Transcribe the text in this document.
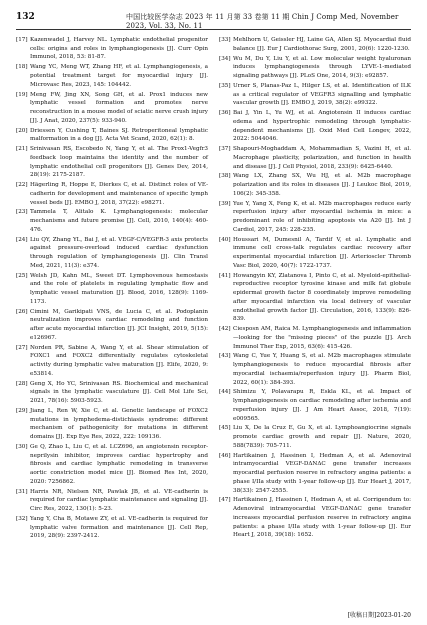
132	中国比较医学杂志 2023 年 11 月第 33 卷第 11 期 Chin J Comp Med, November 2023, Vol. 33, No. 11
[17] Kazenwadel J, Harvey NL. Lymphatic endothelial progenitor cells: origins and roles in lymphangiogenesis [J]. Curr Opin Immunol, 2018, 53: 81-87.
[18] Wang YC, Meng WT, Zhang HF, et al. Lymphangiogenesis, a potential treatment target for myocardial injury [J]. Microvasc Res, 2023, 145: 104442.
[19] Meng FW, Jing XN, Song GH, et al. Prox1 induces new lymphatic vessel formation and promotes nerve reconstruction in a mouse model of sciatic nerve crush injury [J]. J Anat, 2020, 237(5): 933-940.
[20] Driessen Y, Cushing T, Baines SJ. Retroperitoneal lymphatic malformation in a dog [J]. Acta Vet Scand, 2020, 62(1): 8.
[21] Srinivasan RS, Escobedo N, Yang Y, et al. The Prox1-Vegfr3 feedback loop maintains the identity and the number of lymphatic endothelial cell progenitors [J]. Genes Dev, 2014, 28(19): 2175-2187.
[22] Hägerling R, Hoppe E, Dierkes C, et al. Distinct roles of VE-cadherin for development and maintenance of specific lymph vessel beds [J]. EMBO J, 2018, 37(22): e98271.
[23] Tammela T, Alitalo K. Lymphangiogenesis: molecular mechanisms and future promise [J]. Cell, 2010, 140(4): 460-476.
[24] Liu QY, Zhang YL, Bai J, et al. VEGF-C/VEGFR-3 axis protects against pressure-overload induced cardiac dysfunction through regulation of lymphangiogenesis [J]. Clin Transl Med, 2021, 11(3): e374.
[25] Welsh JD, Kahn ML, Sweet DT. Lymphovenous hemostasis and the role of platelets in regulating lymphatic flow and lymphatic vessel maturation [J]. Blood, 2016, 128(9): 1169-1173.
[26] Cimini M, Garikipati VNS, de Lucia C, et al. Podoplanin neutralization improves cardiac remodeling and function after acute myocardial infarction [J]. JCI Insight, 2019, 5(15): e126967.
[27] Norden PR, Sabine A, Wang Y, et al. Shear stimulation of FOXC1 and FOXC2 differentially regulates cytoskeletal activity during lymphatic valve maturation [J]. Elife, 2020, 9: e53814.
[28] Geng X, Ho YC, Srinivasan RS. Biochemical and mechanical signals in the lymphatic vasculature [J]. Cell Mol Life Sci, 2021, 78(16): 5903-5923.
[29] Jiang L, Ren W, Xie C, et al. Genetic landscape of FOXC2 mutations in lymphedema-distichiasis syndrome: different mechanism of pathogenicity for mutations in different domains [J]. Exp Eye Res, 2022, 222: 109136.
[30] Ge Q, Zhao L, Liu C, et al. LCZ696, an angiotensin receptor-neprilysin inhibitor, improves cardiac hypertrophy and fibrosis and cardiac lymphatic remodeling in transverse aortic constriction model mice [J]. Biomed Res Int, 2020, 2020: 7256862.
[31] Harris NR, Nielsen NR, Pawlak JB, et al. VE-cadherin is required for cardiac lymphatic maintenance and signaling [J]. Circ Res, 2022, 130(1): 5-23.
[32] Yang Y, Cha B, Motawe ZY, et al. VE-cadherin is required for lymphatic valve formation and maintenance [J]. Cell Rep, 2019, 28(9): 2397-2412.
[33] Mehlhorn U, Geissler HJ, Laine GA, Allen SJ. Myocardial fluid balance [J]. Eur J Cardiothorac Surg, 2001, 20(6): 1220-1230.
[34] Wu M, Du Y, Liu Y, et al. Low molecular weight hyaluronan induces lymphangiogenesis through LYVE-1-mediated signaling pathways [J]. PLoS One, 2014, 9(3): e92857.
[35] Urner S, Planas-Paz L, Hilger LS, et al. Identification of ILK as a critical regulator of VEGFR3 signalling and lymphatic vascular growth [J]. EMBO J, 2019, 38(2): e99322.
[36] Bai J, Yin L, Yu WJ, et al. Angiotensin II induces cardiac edema and hypertrophic remodeling through lymphatic-dependent mechanisms [J]. Oxid Med Cell Longev, 2022, 2022: 5044046.
[37] Shapouri-Moghaddam A, Mohammadian S, Vazini H, et al. Macrophage plasticity, polarization, and function in health and disease [J]. J Cell Physiol, 2018, 233(9): 6425-6440.
[38] Wang LX, Zhang SX, Wu HJ, et al. M2b macrophage polarization and its roles in diseases [J]. J Leukoc Biol, 2019, 106(2): 345-358.
[39] Yue Y, Yang X, Feng K, et al. M2b macrophages reduce early reperfusion injury after myocardial ischemia in mice: a predominant role of inhibiting apoptosis via A20 [J]. Int J Cardiol, 2017, 245: 228-235.
[40] Houssari M, Dumesnil A, Tardif V, et al. Lymphatic and immune cell cross-talk regulates cardiac recovery after experimental myocardial infarction [J]. Arterioscler Thromb Vasc Biol, 2020, 40(7): 1722-1737.
[41] Howangyin KY, Zlatanova I, Pinto C, et al. Myeloid-epithelial-reproductive receptor tyrosine kinase and milk fat globule epidermal growth factor 8 coordinately improve remodeling after myocardial infarction via local delivery of vascular endothelial growth factor [J]. Circulation, 2016, 133(9): 826-839.
[42] Ciesposn AM, Raica M. Lymphangiogenesis and inflammation—looking for the "missing pieces" of the puzzle [J]. Arch Immunol Ther Exp, 2015, 63(6): 415-426.
[43] Wang C, Yue Y, Huang S, et al. M2b macrophages stimulate lymphangiogenesis to reduce myocardial fibrosis after myocardial ischaemia/reperfusion injury [J]. Pharm Biol, 2022, 60(1): 384-393.
[44] Shimizu Y, Polavarapu R, Eskla KL, et al. Impact of lymphangiogenesis on cardiac remodeling after ischemia and reperfusion injury [J]. J Am Heart Assoc, 2018, 7(19): e009565.
[45] Liu X, De la Cruz E, Gu X, et al. Lymphoangiocrine signals promote cardiac growth and repair [J]. Nature, 2020, 588(7839): 705-711.
[46] Hartikainen J, Hassinen I, Hedman A, et al. Adenoviral intramyocardial VEGF-DΔNΔC gene transfer increases myocardial perfusion reserve in refractory angina patients: a phase I/IIa study with 1-year follow-up [J]. Eur Heart J, 2017, 38(33): 2547-2555.
[47] Hartikainen J, Hassinen I, Hedman A, et al. Corrigendum to: Adenoviral intramyocardial VEGF-DΔNΔC gene transfer increases myocardial perfusion reserve in refractory angina patients: a phase I/IIa study with 1-year follow-up [J]. Eur Heart J, 2018, 39(18): 1652.
[收稿日期]2023-01-20
